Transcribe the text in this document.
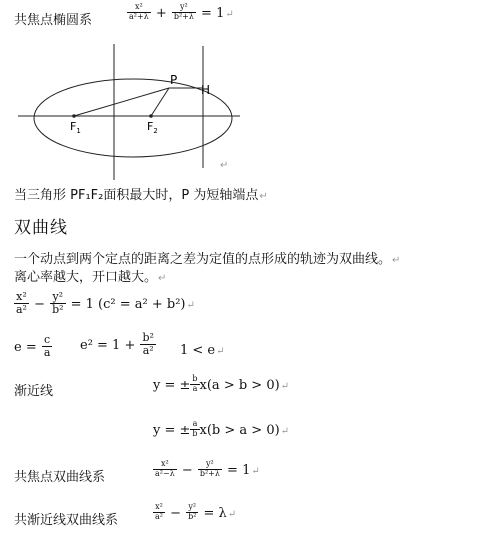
共焦点椭圆系	$\frac{\text{x²}}{\text{a²+λ}} + \frac{\text{y²}}{\text{b²+λ}}$ = 1↵
P
H
$F_1$	$F_2$
↵
当三角形 PF₁F₂面积最大时，P 为短轴端点↵
双曲线
一个动点到两个定点的距离之差为定值的点形成的轨迹为双曲线。↵
离心率越大，开口越大。↵
$\frac{\text{x²}}{\text{a²}} - \frac{\text{y²}}{\text{b²}} = 1$ (c² = a² + b²)↵
$e = \frac{c}{a} e^2 = 1 + \frac{\text{b²}}{\text{a²}} 1$ < e↵
渐近线	y = ± $\frac{b}{a} x(a > b$ > 0)↵
y = ± $\frac{a}{b} x(b > a$ > 0)↵
共焦点双曲线系	$\frac{\text{x²}}{\text{a²−λ}} - \frac{\text{y²}}{\text{b²+λ}}$ = 1↵
共渐近线双曲线系	$\frac{\text{x²}}{\text{a²}} - \frac{\text{y²}}{\text{b²}}$ = λ↵
